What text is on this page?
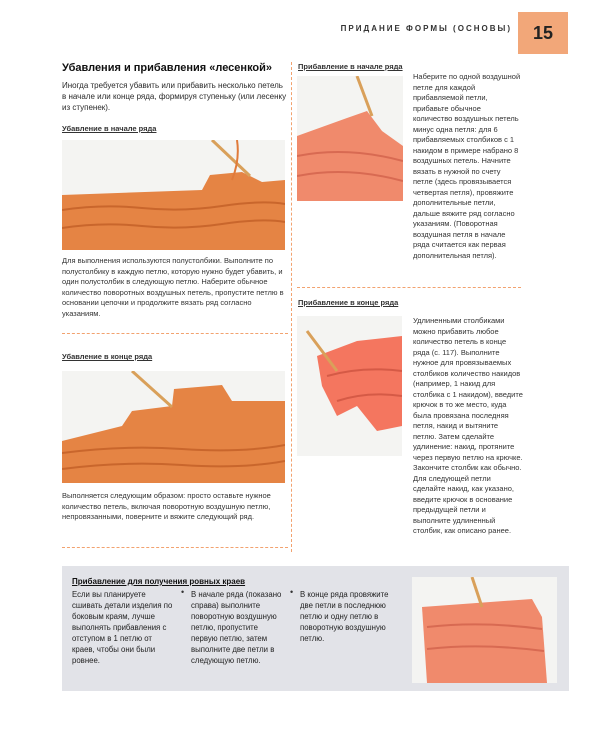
ПРИДАНИЕ ФОРМЫ (ОСНОВЫ) 15
Убавления и прибавления «лесенкой»
Иногда требуется убавить или прибавить несколько петель в начале или конце ряда, формируя ступеньку (или лесенку из ступенек).
Убавление в начале ряда
Для выполнения используются полустолбики. Выполните по полустолбику в каждую петлю, которую нужно будет убавить, и один полустолбик в следующую петлю. Наберите обычное количество поворотных воздушных петель, пропустите петлю в основании цепочки и продолжите вязать ряд согласно указаниям.
Убавление в конце ряда
Выполняется следующим образом: просто оставьте нужное количество петель, включая поворотную воздушную петлю, непровязанными, поверните и вяжите следующий ряд.
Прибавление в начале ряда
Наберите по одной воздушной петле для каждой прибавляемой петли, прибавьте обычное количество воздушных петель минус одна петля: для 6 прибавляемых столбиков с 1 накидом в примере набрано 8 воздушных петель. Начните вязать в нужной по счету петле (здесь провязывается четвертая петля), провяжите дополнительные петли, дальше вяжите ряд согласно указаниям. (Поворотная воздушная петля в начале ряда считается как первая дополнительная петля).
Прибавление в конце ряда
Удлиненными столбиками можно прибавить любое количество петель в конце ряда (с. 117). Выполните нужное для провязываемых столбиков количество накидов (например, 1 накид для столбика с 1 накидом), введите крючок в то же место, куда была провязана последняя петля, накид и вытяните петлю. Затем сделайте удлинение: накид, протяните через первую петлю на крючке. Закончите столбик как обычно. Для следующей петли сделайте накид, как указано, введите крючок в основание предыдущей петли и выполните удлиненный столбик, как описано ранее.
Прибавление для получения ровных краев
Если вы планируете сшивать детали изделия по боковым краям, лучше выполнять прибавления с отступом в 1 петлю от краев, чтобы они были ровнее.
• В начале ряда (показано справа) выполните поворотную воздушную петлю, пропустите первую петлю, затем выполните две петли в следующую петлю.
• В конце ряда провяжите две петли в последнюю петлю и одну петлю в поворотную воздушную петлю.
